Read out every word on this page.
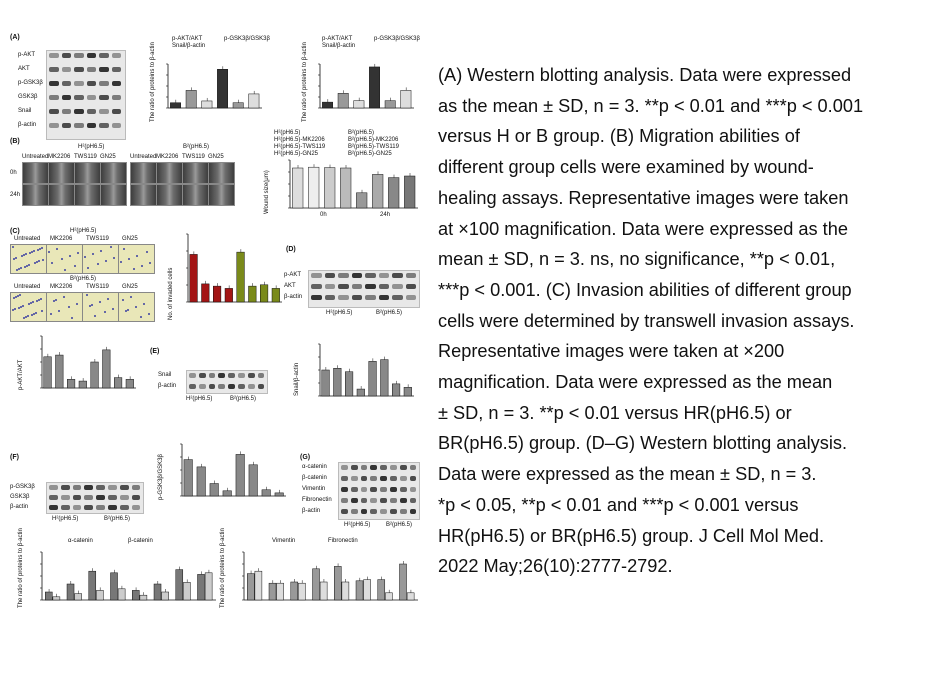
(A)
(B)
H²(pH6.5)	B²(pH6.5)
(C)	H²(pH6.5)
B²(pH6.5)
(D)
(E)
(F)	(G)
p-AKT
AKT
p-GSK3β
GSK3β
Snail
β-actin
p-AKT
AKT
β-actin
H²(pH6.5)	B²(pH6.5)
Snail
β-actin
H²(pH6.5)	B²(pH6.5)
p-GSK3β
GSK3β
β-actin
H²(pH6.5)	B²(pH6.5)
α-catenin
β-catenin
Vimentin
Fibronectin
β-actin
H²(pH6.5)	B²(pH6.5)
Untreated	Untreated
MK2206	MK2206
TWS119	TWS119
GN25	GN25
0h
24h
Untreated MK2206 TWS119 GN25
Untreated MK2206 TWS119 GN25
p-AKT/AKT	p-GSK3β/GSK3β
Snail/β-actin
p-AKT/AKT	p-GSK3β/GSK3β
Snail/β-actin
The ratio of proteins to β-actin	The ratio of proteins to β-actin
H²(pH6.5)
H²(pH6.5)-MK2206
H²(pH6.5)-TWS119
H²(pH6.5)-GN25
B²(pH6.5)
B²(pH6.5)-MK2206
B²(pH6.5)-TWS119
B²(pH6.5)-GN25
Wound size(μm)
0h	24h
No. of invaded cells
p-AKT/AKT	Snail/β-actin
p-GSK3β/GSK3β
α-catenin	β-catenin	Vimentin	Fibronectin
The ratio of proteins to β-actin	The ratio of proteins to β-actin
(A) Western blotting analysis. Data were expressed
as the mean ± SD, n = 3. **p < 0.01 and ***p < 0.001
versus H or B group. (B) Migration abilities of
different group cells were examined by wound-
healing assays. Representative images were taken
at ×100 magnification. Data were expressed as the
mean ± SD, n = 3. ns, no significance, **p < 0.01,
***p < 0.001. (C) Invasion abilities of different group
cells were determined by transwell invasion assays.
Representative images were taken at ×200
magnification. Data were expressed as the mean
± SD, n = 3. **p < 0.01 versus HR(pH6.5) or
BR(pH6.5) group. (D–G) Western blotting analysis.
Data were expressed as the mean ± SD, n = 3.
*p < 0.05, **p < 0.01 and ***p < 0.001 versus
HR(pH6.5) or BR(pH6.5) group. J Cell Mol Med.
2022 May;26(10):2777-2792.
